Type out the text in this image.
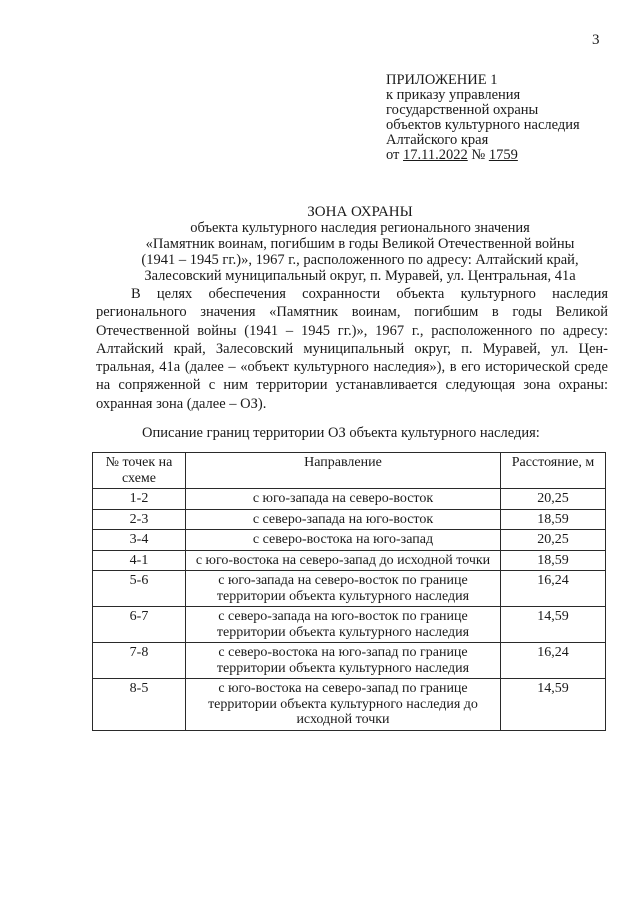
3
ПРИЛОЖЕНИЕ 1
к приказу управления
государственной охраны
объектов культурного наследия
Алтайского края
от 17.11.2022 № 1759
ЗОНА ОХРАНЫ
объекта культурного наследия регионального значения
«Памятник воинам, погибшим в годы Великой Отечественной войны
(1941 – 1945 гг.)», 1967 г., расположенного по адресу: Алтайский край,
Залесовский муниципальный округ, п. Муравей, ул. Центральная, 41а
В целях обеспечения сохранности объекта культурного наследия регионального значения «Памятник воинам, погибшим в годы Великой Отечественной войны (1941 – 1945 гг.)», 1967 г., расположенного по адресу: Алтайский край, Залесовский муниципальный округ, п. Муравей, ул. Центральная, 41а (далее – «объект культурного наследия»), в его исторической среде на сопряженной с ним территории устанавливается следующая зона охраны: охранная зона (далее – ОЗ).
Описание границ территории ОЗ объекта культурного наследия:
№ точек на схеме	Направление	Расстояние, м
1-2	с юго-запада на северо-восток	20,25
2-3	с северо-запада на юго-восток	18,59
3-4	с северо-востока на юго-запад	20,25
4-1	с юго-востока на северо-запад до исходной точки	18,59
5-6	с юго-запада на северо-восток по границе территории объекта культурного наследия	16,24
6-7	с северо-запада на юго-восток по границе территории объекта культурного наследия	14,59
7-8	с северо-востока на юго-запад по границе территории объекта культурного наследия	16,24
8-5	с юго-востока на северо-запад по границе территории объекта культурного наследия до исходной точки	14,59
